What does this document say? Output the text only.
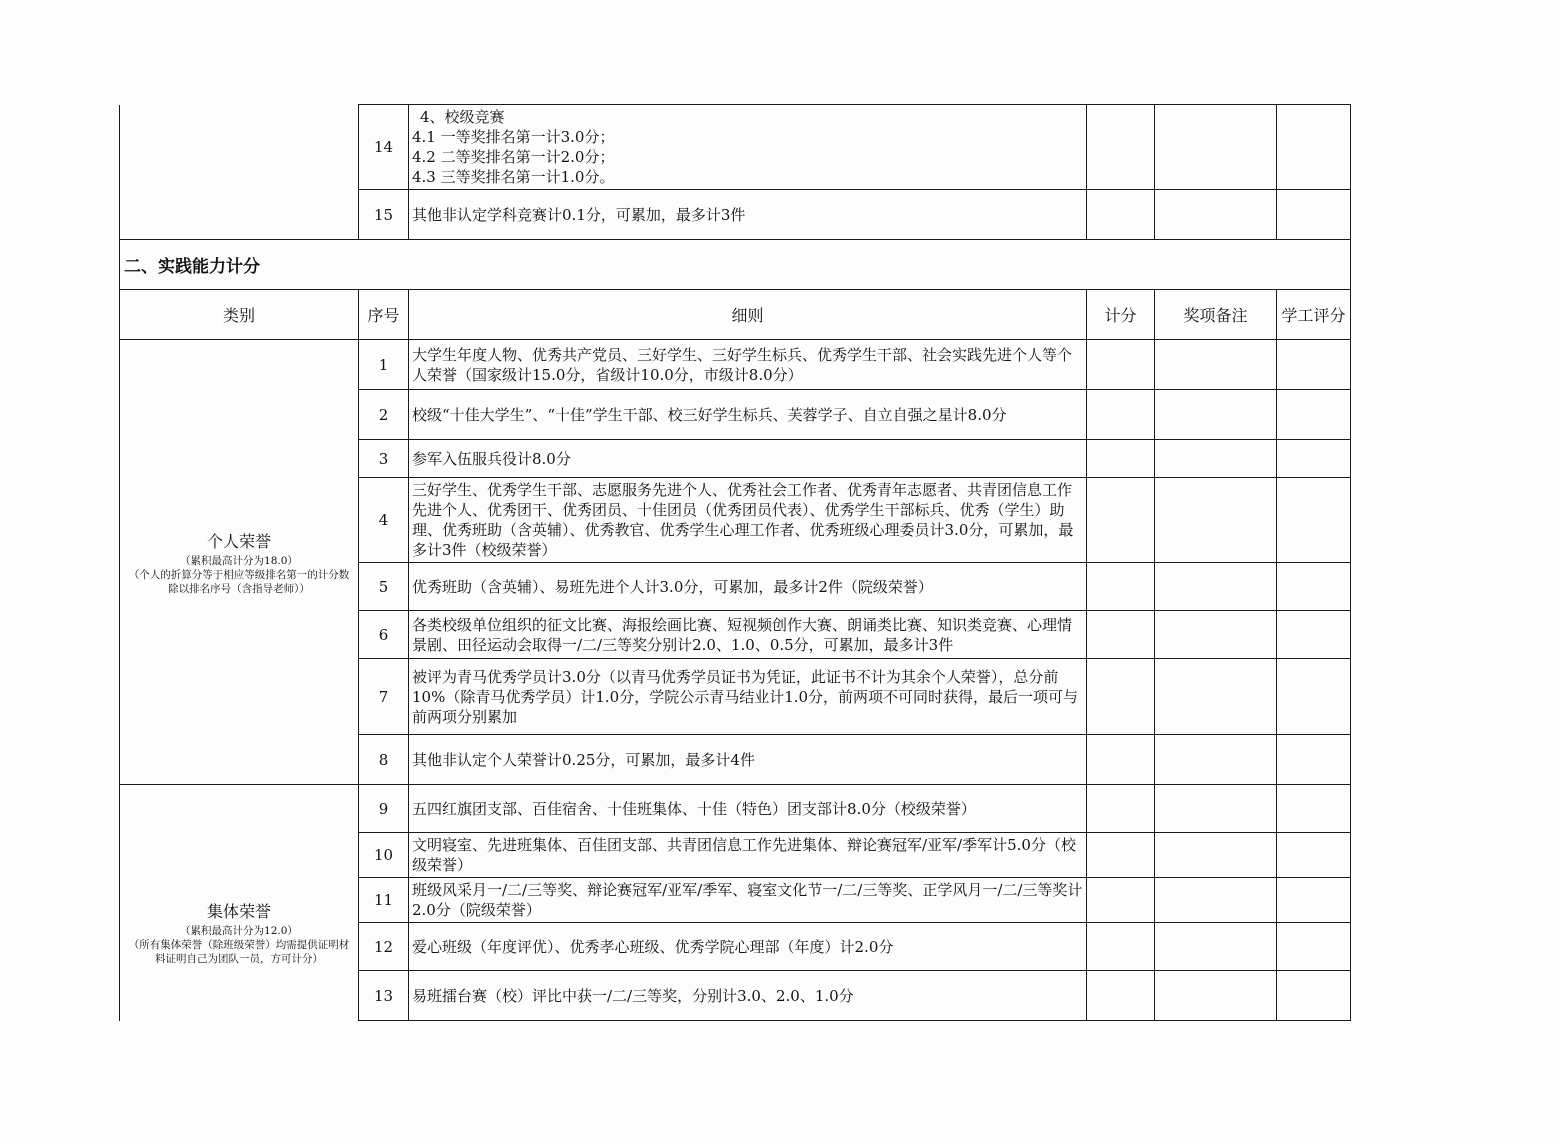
	14	4、校级竞赛
4.1 一等奖排名第一计3.0分；
4.2 二等奖排名第一计2.0分；
4.3 三等奖排名第一计1.0分。			

	15	其他非认定学科竞赛计0.1分，可累加，最多计3件			
二、实践能力计分					
类别	序号	细则	计分	奖项备注	学工评分

个人荣誉
（累积最高计分为18.0）
（个人的折算分等于相应等级排名第一的计分数除以排名序号（含指导老师））	1	大学生年度人物、优秀共产党员、三好学生、三好学生标兵、优秀学生干部、社会实践先进个人等个人荣誉（国家级计15.0分，省级计10.0分，市级计8.0分）			
	2	校级“十佳大学生”、“十佳”学生干部、校三好学生标兵、芙蓉学子、自立自强之星计8.0分			
	3	参军入伍服兵役计8.0分			
	4	三好学生、优秀学生干部、志愿服务先进个人、优秀社会工作者、优秀青年志愿者、共青团信息工作先进个人、优秀团干、优秀团员、十佳团员（优秀团员代表）、优秀学生干部标兵、优秀（学生）助理、优秀班助（含英辅）、优秀教官、优秀学生心理工作者、优秀班级心理委员计3.0分，可累加，最多计3件（校级荣誉）			
	5	优秀班助（含英辅）、易班先进个人计3.0分，可累加，最多计2件（院级荣誉）			
	6	各类校级单位组织的征文比赛、海报绘画比赛、短视频创作大赛、朗诵类比赛、知识类竞赛、心理情景剧、田径运动会取得一/二/三等奖分别计2.0、1.0、0.5分，可累加，最多计3件			
	7	被评为青马优秀学员计3.0分（以青马优秀学员证书为凭证，此证书不计为其余个人荣誉），总分前10%（除青马优秀学员）计1.0分，学院公示青马结业计1.0分，前两项不可同时获得，最后一项可与前两项分别累加			
	8	其他非认定个人荣誉计0.25分，可累加，最多计4件			

集体荣誉
（累积最高计分为12.0）
（所有集体荣誉（除班级荣誉）均需提供证明材料证明自己为团队一员，方可计分）	9	五四红旗团支部、百佳宿舍、十佳班集体、十佳（特色）团支部计8.0分（校级荣誉）			
	10	文明寝室、先进班集体、百佳团支部、共青团信息工作先进集体、辩论赛冠军/亚军/季军计5.0分（校级荣誉）			
	11	班级风采月一/二/三等奖、辩论赛冠军/亚军/季军、寝室文化节一/二/三等奖、正学风月一/二/三等奖计2.0分（院级荣誉）			
	12	爱心班级（年度评优）、优秀孝心班级、优秀学院心理部（年度）计2.0分			
	13	易班擂台赛（校）评比中获一/二/三等奖，分别计3.0、2.0、1.0分			
